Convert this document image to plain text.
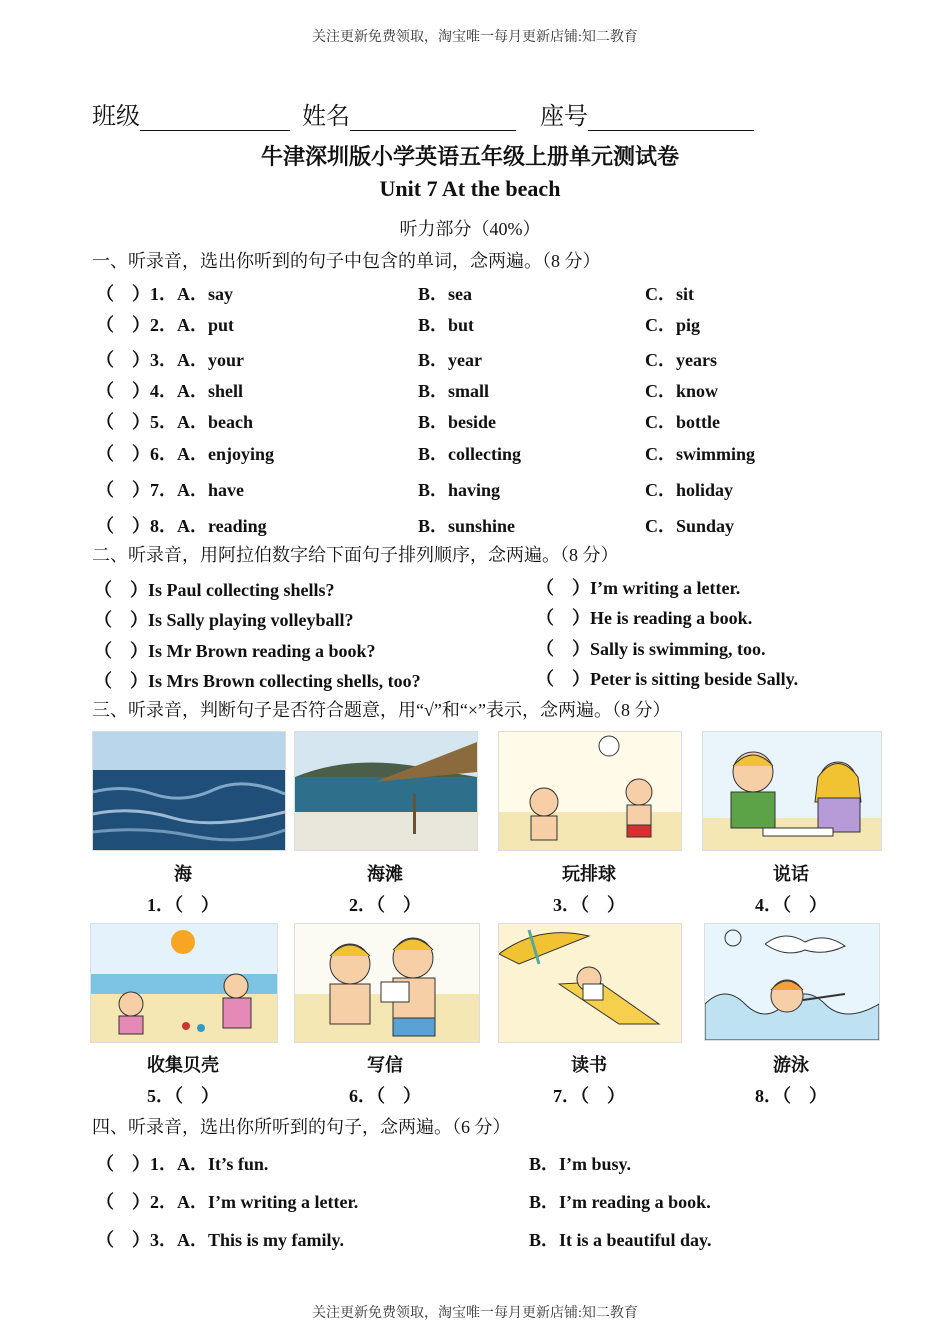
关注更新免费领取，淘宝唯一每月更新店铺:知二教育
班级	姓名	座号
牛津深圳版小学英语五年级上册单元测试卷
Unit 7 At the beach
听力部分（40%）
一、听录音，选出你听到的句子中包含的单词，念两遍。（8 分）
（　）1．A．say	B．sea	C．sit
（　）2．A．put	B．but	C．pig
（　）3．A．your	B．year	C．years
（　）4．A．shell	B．small	C．know
（　）5．A．beach	B．beside	C．bottle
（　）6．A．enjoying	B．collecting	C．swimming
（　）7．A．have	B．having	C．holiday
（　）8．A．reading	B．sunshine	C．Sunday
二、听录音，用阿拉伯数字给下面句子排列顺序，念两遍。（8 分）
（　）Is Paul collecting shells?
（　）Is Sally playing volleyball?
（　）Is Mr Brown reading a book?
（　）Is Mrs Brown collecting shells, too?
（　）I’m writing a letter.
（　）He is reading a book.
（　）Sally is swimming, too.
（　）Peter is sitting beside Sally.
三、听录音，判断句子是否符合题意，用“√”和“×”表示，念两遍。（8 分）
海	海滩	玩排球	说话
1．（　）	2．（　）	3．（　）	4．（　）
收集贝壳	写信	读书	游泳
5．（　）	6．（　）	7．（　）	8．（　）
四、听录音，选出你所听到的句子，念两遍。（6 分）
（　）1．A．It’s fun.	B．I’m busy.
（　）2．A．I’m writing a letter.	B．I’m reading a book.
（　）3．A．This is my family.	B．It is a beautiful day.
关注更新免费领取，淘宝唯一每月更新店铺:知二教育
